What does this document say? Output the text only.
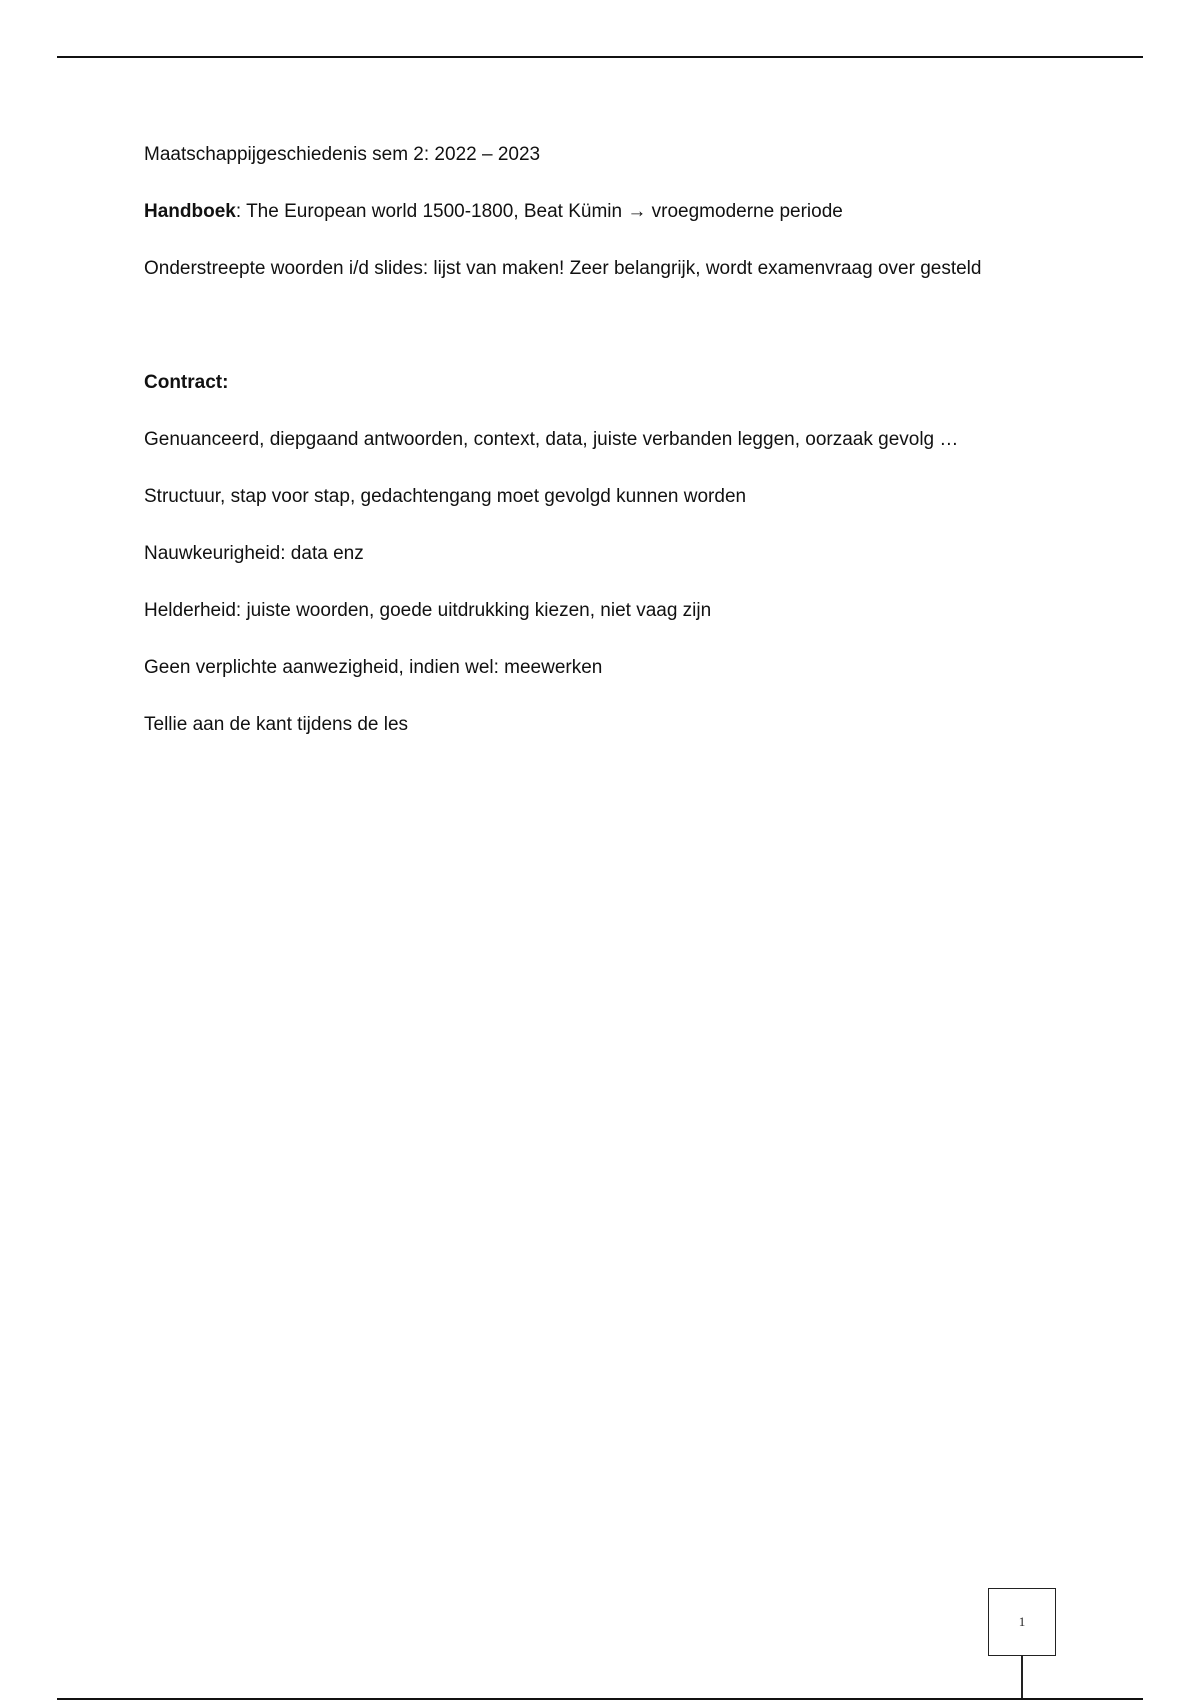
Maatschappijgeschiedenis sem 2: 2022 – 2023

Handboek: The European world 1500-1800, Beat Kümin → vroegmoderne periode

Onderstreepte woorden i/d slides: lijst van maken! Zeer belangrijk, wordt examenvraag over gesteld

Contract:

Genuanceerd, diepgaand antwoorden, context, data, juiste verbanden leggen, oorzaak gevolg …

Structuur, stap voor stap, gedachtengang moet gevolgd kunnen worden

Nauwkeurigheid: data enz

Helderheid: juiste woorden, goede uitdrukking kiezen, niet vaag zijn

Geen verplichte aanwezigheid, indien wel: meewerken

Tellie aan de kant tijdens de les

1
